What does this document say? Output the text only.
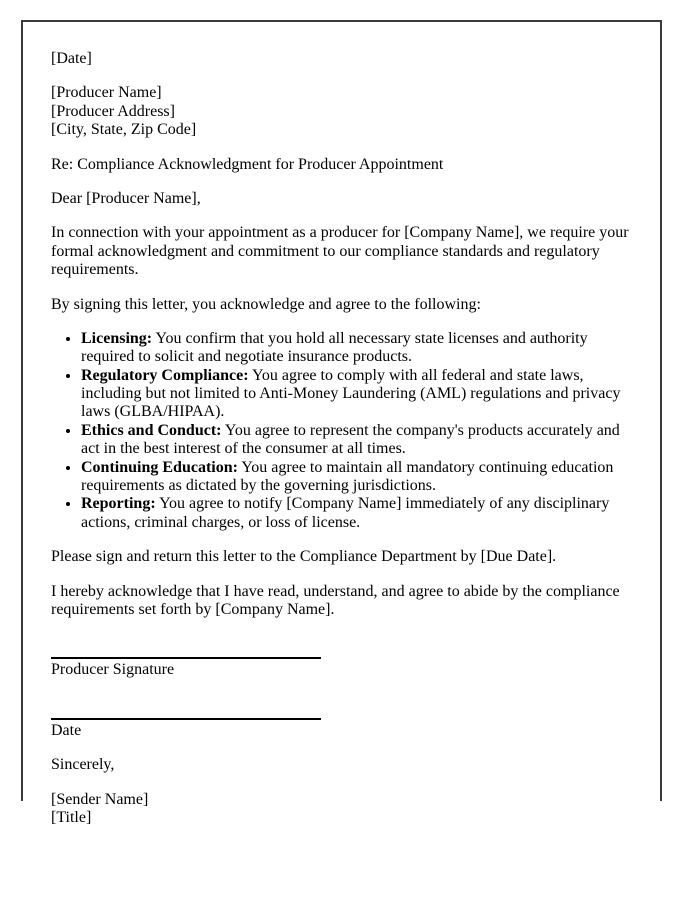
[Date]

[Producer Name]
[Producer Address]
[City, State, Zip Code]

Re: Compliance Acknowledgment for Producer Appointment

Dear [Producer Name],

In connection with your appointment as a producer for [Company Name], we require your formal acknowledgment and commitment to our compliance standards and regulatory requirements.

By signing this letter, you acknowledge and agree to the following:

• Licensing: You confirm that you hold all necessary state licenses and authority required to solicit and negotiate insurance products.
• Regulatory Compliance: You agree to comply with all federal and state laws, including but not limited to Anti-Money Laundering (AML) regulations and privacy laws (GLBA/HIPAA).
• Ethics and Conduct: You agree to represent the company's products accurately and act in the best interest of the consumer at all times.
• Continuing Education: You agree to maintain all mandatory continuing education requirements as dictated by the governing jurisdictions.
• Reporting: You agree to notify [Company Name] immediately of any disciplinary actions, criminal charges, or loss of license.

Please sign and return this letter to the Compliance Department by [Due Date].

I hereby acknowledge that I have read, understand, and agree to abide by the compliance requirements set forth by [Company Name].

Producer Signature
Date

Sincerely,

[Sender Name]
[Title]
